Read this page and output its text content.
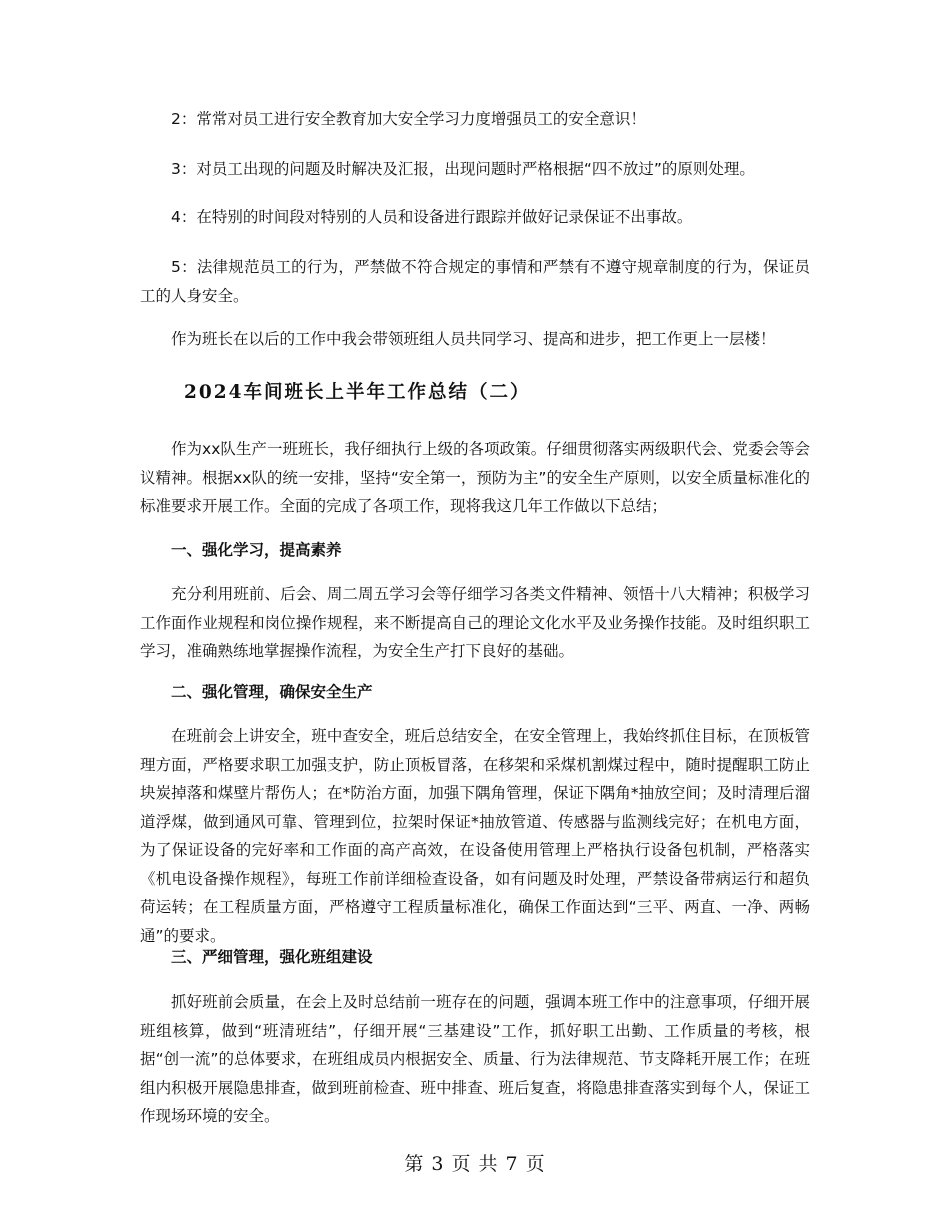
2：常常对员工进行安全教育加大安全学习力度增强员工的安全意识！

3：对员工出现的问题及时解决及汇报，出现问题时严格根据“四不放过”的原则处理。

4：在特别的时间段对特别的人员和设备进行跟踪并做好记录保证不出事故。

5：法律规范员工的行为，严禁做不符合规定的事情和严禁有不遵守规章制度的行为，保证员工的人身安全。

作为班长在以后的工作中我会带领班组人员共同学习、提高和进步，把工作更上一层楼！

2024车间班长上半年工作总结（二）

作为xx队生产一班班长，我仔细执行上级的各项政策。仔细贯彻落实两级职代会、党委会等会议精神。根据xx队的统一安排，坚持“安全第一，预防为主”的安全生产原则，以安全质量标准化的标准要求开展工作。全面的完成了各项工作，现将我这几年工作做以下总结；

一、强化学习，提高素养

充分利用班前、后会、周二周五学习会等仔细学习各类文件精神、领悟十八大精神；积极学习工作面作业规程和岗位操作规程，来不断提高自己的理论文化水平及业务操作技能。及时组织职工学习，准确熟练地掌握操作流程，为安全生产打下良好的基础。

二、强化管理，确保安全生产

在班前会上讲安全，班中查安全，班后总结安全，在安全管理上，我始终抓住目标，在顶板管理方面，严格要求职工加强支护，防止顶板冒落，在移架和采煤机割煤过程中，随时提醒职工防止块炭掉落和煤壁片帮伤人；在*防治方面，加强下隅角管理，保证下隅角*抽放空间；及时清理后溜道浮煤，做到通风可靠、管理到位，拉架时保证*抽放管道、传感器与监测线完好；在机电方面，为了保证设备的完好率和工作面的高产高效，在设备使用管理上严格执行设备包机制，严格落实《机电设备操作规程》，每班工作前详细检查设备，如有问题及时处理，严禁设备带病运行和超负荷运转；在工程质量方面，严格遵守工程质量标准化，确保工作面达到“三平、两直、一净、两畅通”的要求。

三、严细管理，强化班组建设

抓好班前会质量，在会上及时总结前一班存在的问题，强调本班工作中的注意事项，仔细开展班组核算，做到“班清班结”，仔细开展“三基建设”工作，抓好职工出勤、工作质量的考核，根据“创一流”的总体要求，在班组成员内根据安全、质量、行为法律规范、节支降耗开展工作；在班组内积极开展隐患排查，做到班前检查、班中排查、班后复查，将隐患排查落实到每个人，保证工作现场环境的安全。

第 3 页 共 7 页
